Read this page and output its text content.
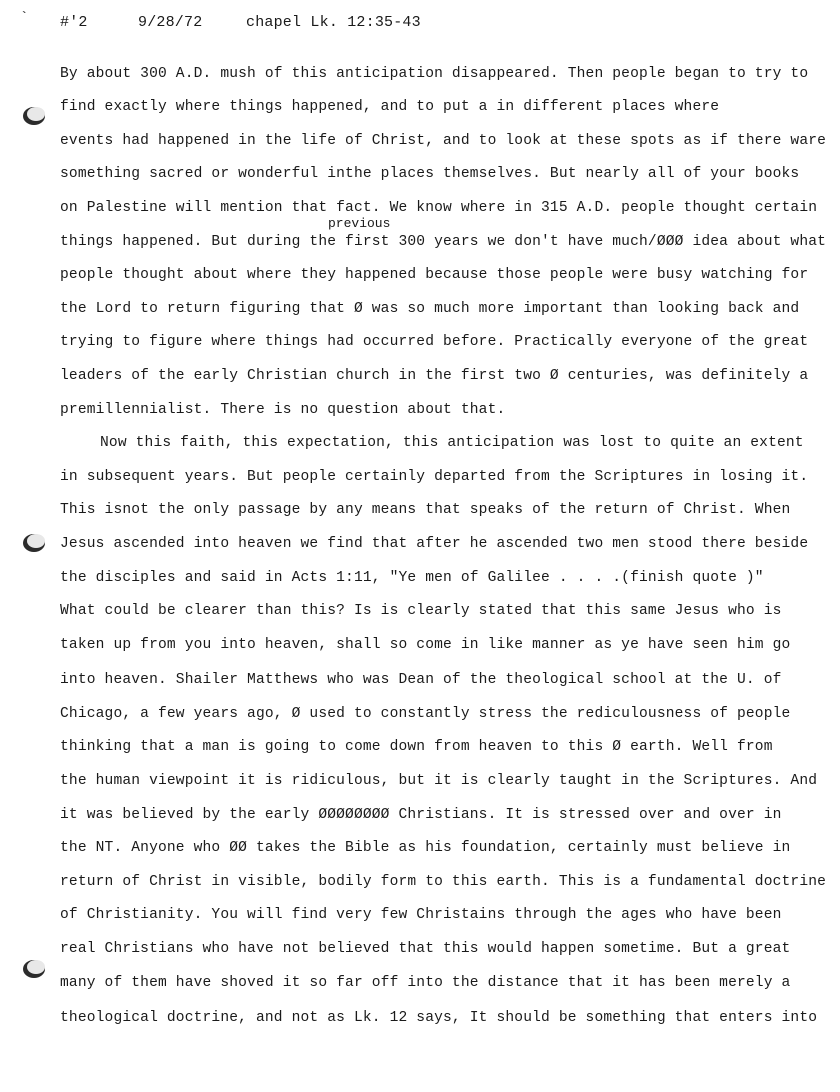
` #'2	9/28/72	chapel Lk. 12:35-43
previous
By about 300 A.D. mush of this anticipation disappeared. Then people began to try to
find exactly where things happened, and to put a in different places where
events had happened in the life of Christ, and to look at these spots as if there ware
something sacred or wonderful inthe places themselves. But nearly all of your books
on Palestine will mention that fact. We know where in 315 A.D. people thought certain
things happened. But during the first 300 years we don't have much/ØØØ idea about what
people thought about where they happened because those people were busy watching for
the Lord to return figuring that Ø was so much more important than looking back and
trying to figure where things had occurred before. Practically everyone of the great
leaders of the early Christian church in the first two Ø centuries, was definitely a
premillennialist. There is no question about that.
Now this faith, this expectation, this anticipation was lost to quite an extent
in subsequent years. But people certainly departed from the Scriptures in losing it.
This isnot the only passage by any means that speaks of the return of Christ. When
Jesus ascended into heaven we find that after he ascended two men stood there beside
the disciples and said in Acts 1:11, "Ye men of Galilee . . . .(finish quote )"
What could be clearer than this? Is is clearly stated that this same Jesus who is
taken up from you into heaven, shall so come in like manner as ye have seen him go
into heaven. Shailer Matthews who was Dean of the theological school at the U. of
Chicago, a few years ago, Ø used to constantly stress the rediculousness of people
thinking that a man is going to come down from heaven to this Ø earth. Well from
the human viewpoint it is ridiculous, but it is clearly taught in the Scriptures. And
it was believed by the early ØØØØØØØØ Christians. It is stressed over and over in
the NT. Anyone who ØØ takes the Bible as his foundation, certainly must believe in
return of Christ in visible, bodily form to this earth. This is a fundamental doctrine
of Christianity. You will find very few Christains through the ages who have been
real Christians who have not believed that this would happen sometime. But a great
many of them have shoved it so far off into the distance that it has been merely a
theological doctrine, and not as Lk. 12 says, It should be something that enters into
